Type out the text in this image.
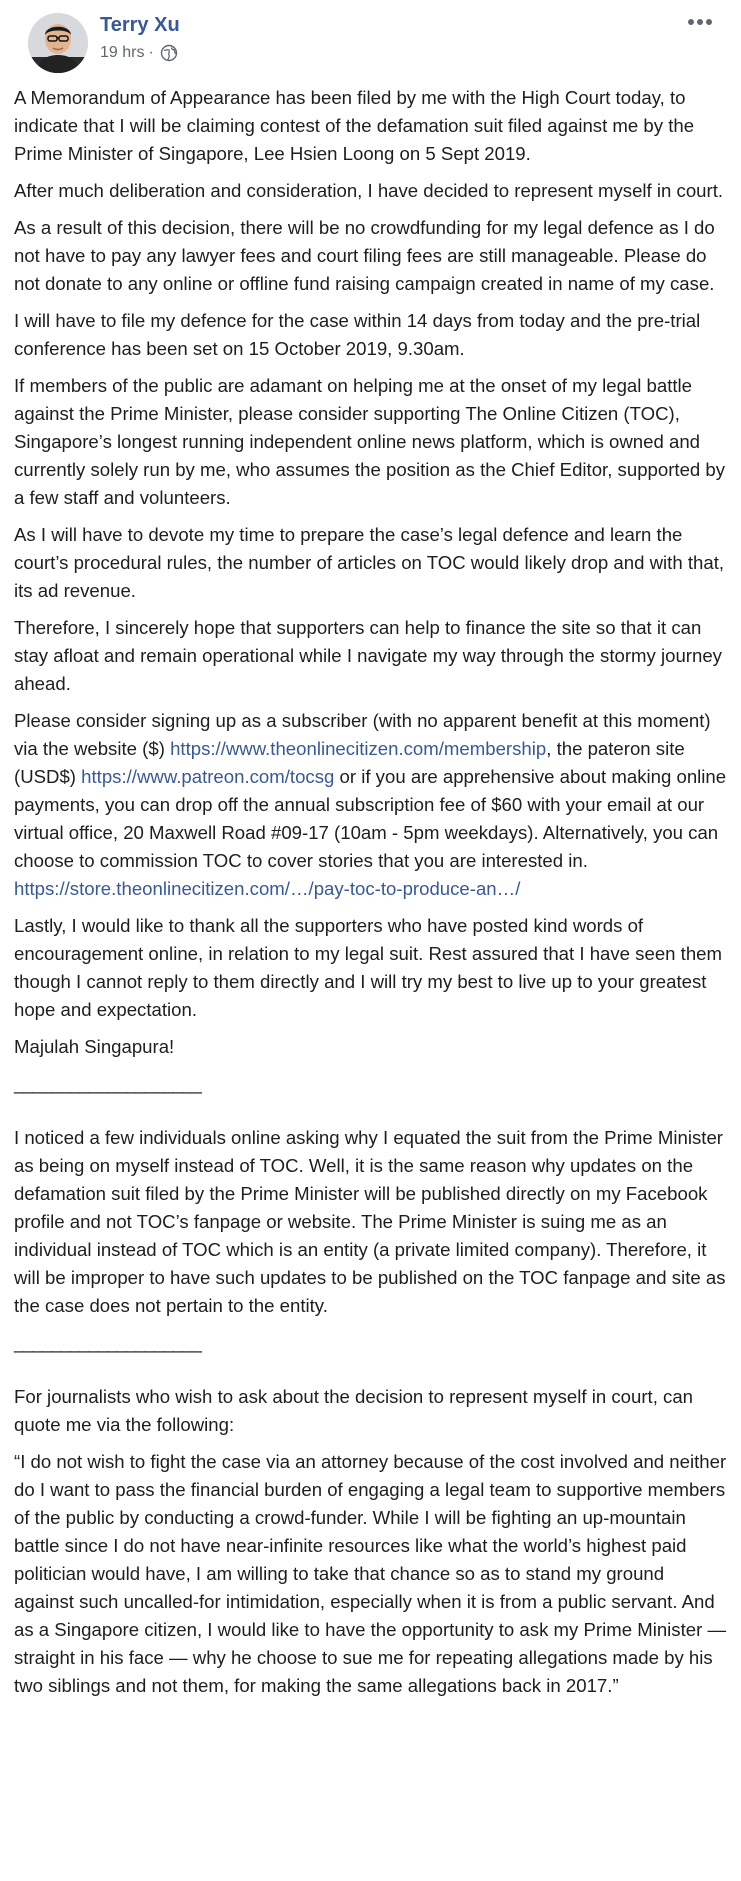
Terry Xu
19 hrs ·

A Memorandum of Appearance has been filed by me with the High Court today, to indicate that I will be claiming contest of the defamation suit filed against me by the Prime Minister of Singapore, Lee Hsien Loong on 5 Sept 2019.

After much deliberation and consideration, I have decided to represent myself in court.

As a result of this decision, there will be no crowdfunding for my legal defence as I do not have to pay any lawyer fees and court filing fees are still manageable. Please do not donate to any online or offline fund raising campaign created in name of my case.

I will have to file my defence for the case within 14 days from today and the pre-trial conference has been set on 15 October 2019, 9.30am.

If members of the public are adamant on helping me at the onset of my legal battle against the Prime Minister, please consider supporting The Online Citizen (TOC), Singapore’s longest running independent online news platform, which is owned and currently solely run by me, who assumes the position as the Chief Editor, supported by a few staff and volunteers.

As I will have to devote my time to prepare the case’s legal defence and learn the court’s procedural rules, the number of articles on TOC would likely drop and with that, its ad revenue.

Therefore, I sincerely hope that supporters can help to finance the site so that it can stay afloat and remain operational while I navigate my way through the stormy journey ahead.

Please consider signing up as a subscriber (with no apparent benefit at this moment) via the website ($) https://www.theonlinecitizen.com/membership, the pateron site (USD$) https://www.patreon.com/tocsg or if you are apprehensive about making online payments, you can drop off the annual subscription fee of $60 with your email at our virtual office, 20 Maxwell Road #09-17 (10am - 5pm weekdays). Alternatively, you can choose to commission TOC to cover stories that you are interested in. https://store.theonlinecitizen.com/…/pay-toc-to-produce-an…/

Lastly, I would like to thank all the supporters who have posted kind words of encouragement online, in relation to my legal suit. Rest assured that I have seen them though I cannot reply to them directly and I will try my best to live up to your greatest hope and expectation.

Majulah Singapura!

____________________

I noticed a few individuals online asking why I equated the suit from the Prime Minister as being on myself instead of TOC. Well, it is the same reason why updates on the defamation suit filed by the Prime Minister will be published directly on my Facebook profile and not TOC’s fanpage or website. The Prime Minister is suing me as an individual instead of TOC which is an entity (a private limited company). Therefore, it will be improper to have such updates to be published on the TOC fanpage and site as the case does not pertain to the entity.

____________________

For journalists who wish to ask about the decision to represent myself in court, can quote me via the following:

“I do not wish to fight the case via an attorney because of the cost involved and neither do I want to pass the financial burden of engaging a legal team to supportive members of the public by conducting a crowd-funder. While I will be fighting an up-mountain battle since I do not have near-infinite resources like what the world’s highest paid politician would have, I am willing to take that chance so as to stand my ground against such uncalled-for intimidation, especially when it is from a public servant. And as a Singapore citizen, I would like to have the opportunity to ask my Prime Minister — straight in his face — why he choose to sue me for repeating allegations made by his two siblings and not them, for making the same allegations back in 2017.”
